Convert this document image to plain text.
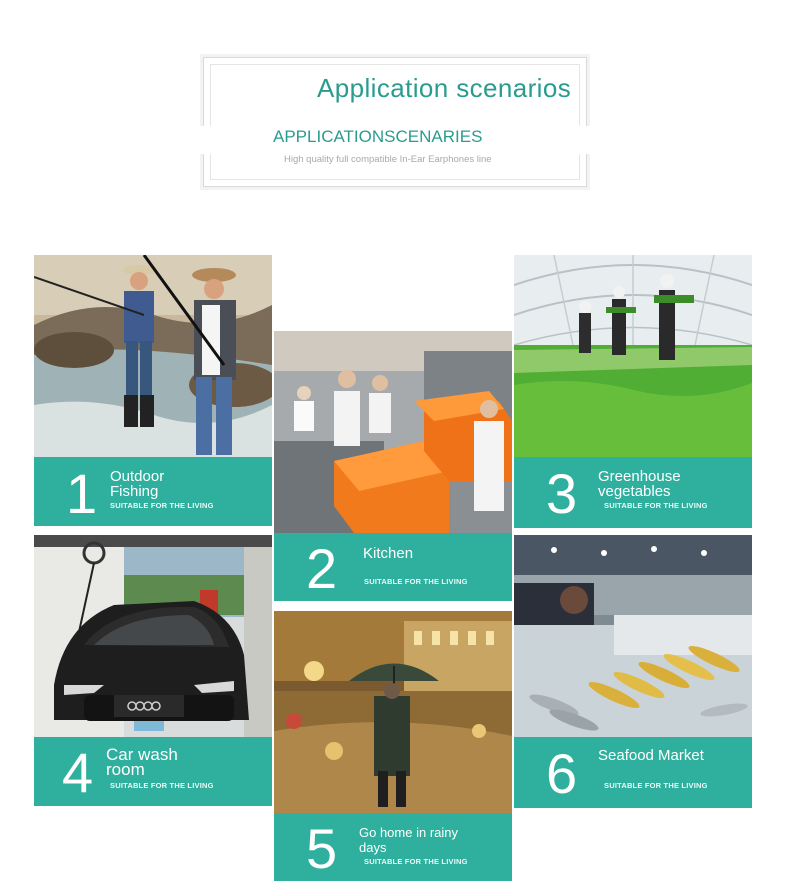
Application scenarios
APPLICATIONSCENARIES
High quality full compatible In-Ear Earphones line
1 Outdoor
Fishing
SUITABLE FOR THE LIVING
2 Kitchen
SUITABLE FOR THE LIVING
3 Greenhouse
vegetables
SUITABLE FOR THE LIVING
4 Car wash
room
SUITABLE FOR THE LIVING
5 Go home in rainy
days
SUITABLE FOR THE LIVING
6 Seafood Market
SUITABLE FOR THE LIVING
